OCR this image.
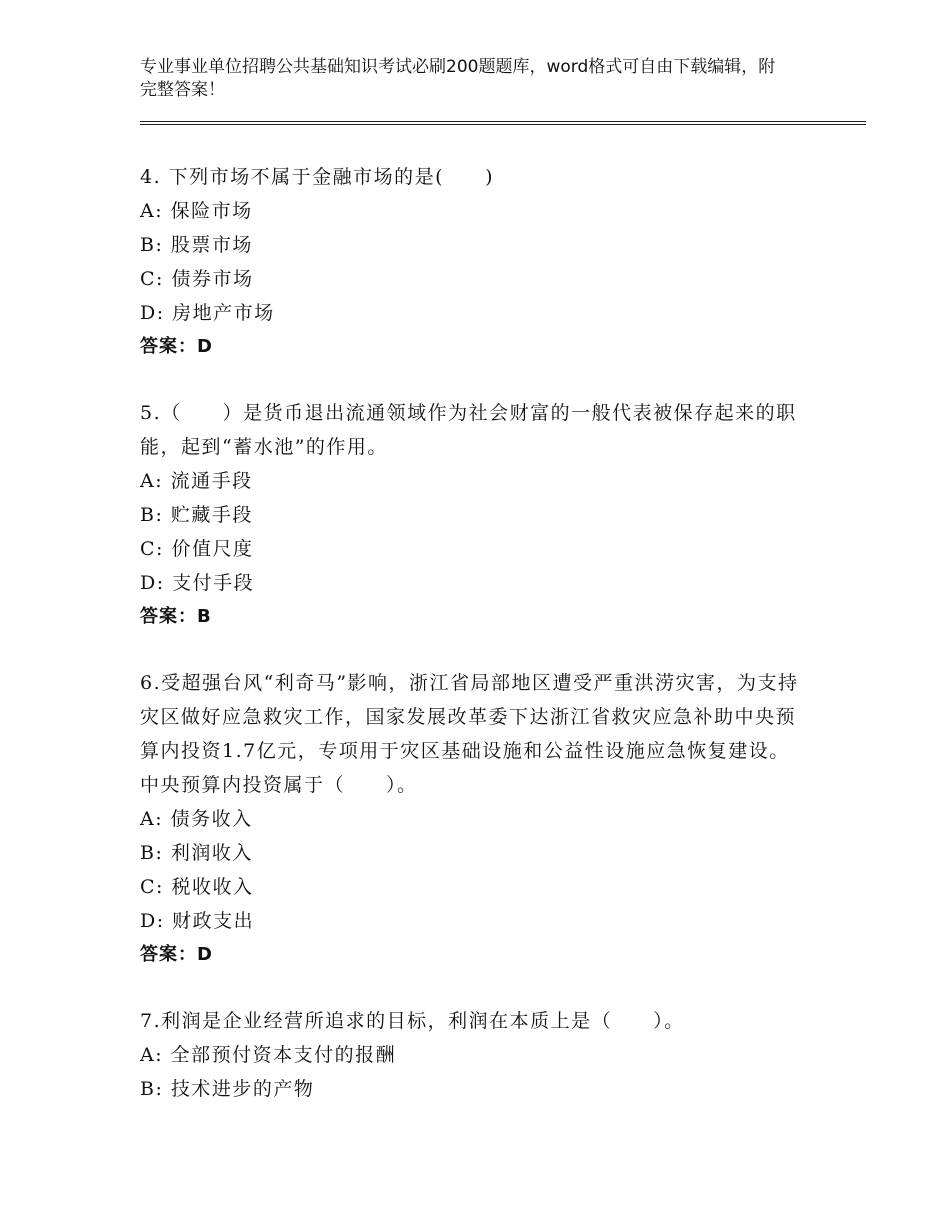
专业事业单位招聘公共基础知识考试必刷200题题库，word格式可自由下载编辑，附完整答案！
4. 下列市场不属于金融市场的是(　　)
A: 保险市场
B: 股票市场
C: 债券市场
D: 房地产市场
答案：D
5.（　　）是货币退出流通领域作为社会财富的一般代表被保存起来的职能，起到“蓄水池”的作用。
A: 流通手段
B: 贮藏手段
C: 价值尺度
D: 支付手段
答案：B
6.受超强台风“利奇马”影响，浙江省局部地区遭受严重洪涝灾害，为支持灾区做好应急救灾工作，国家发展改革委下达浙江省救灾应急补助中央预算内投资1.7亿元，专项用于灾区基础设施和公益性设施应急恢复建设。中央预算内投资属于（　　）。
A: 债务收入
B: 利润收入
C: 税收收入
D: 财政支出
答案：D
7.利润是企业经营所追求的目标，利润在本质上是（　　）。
A: 全部预付资本支付的报酬
B: 技术进步的产物
